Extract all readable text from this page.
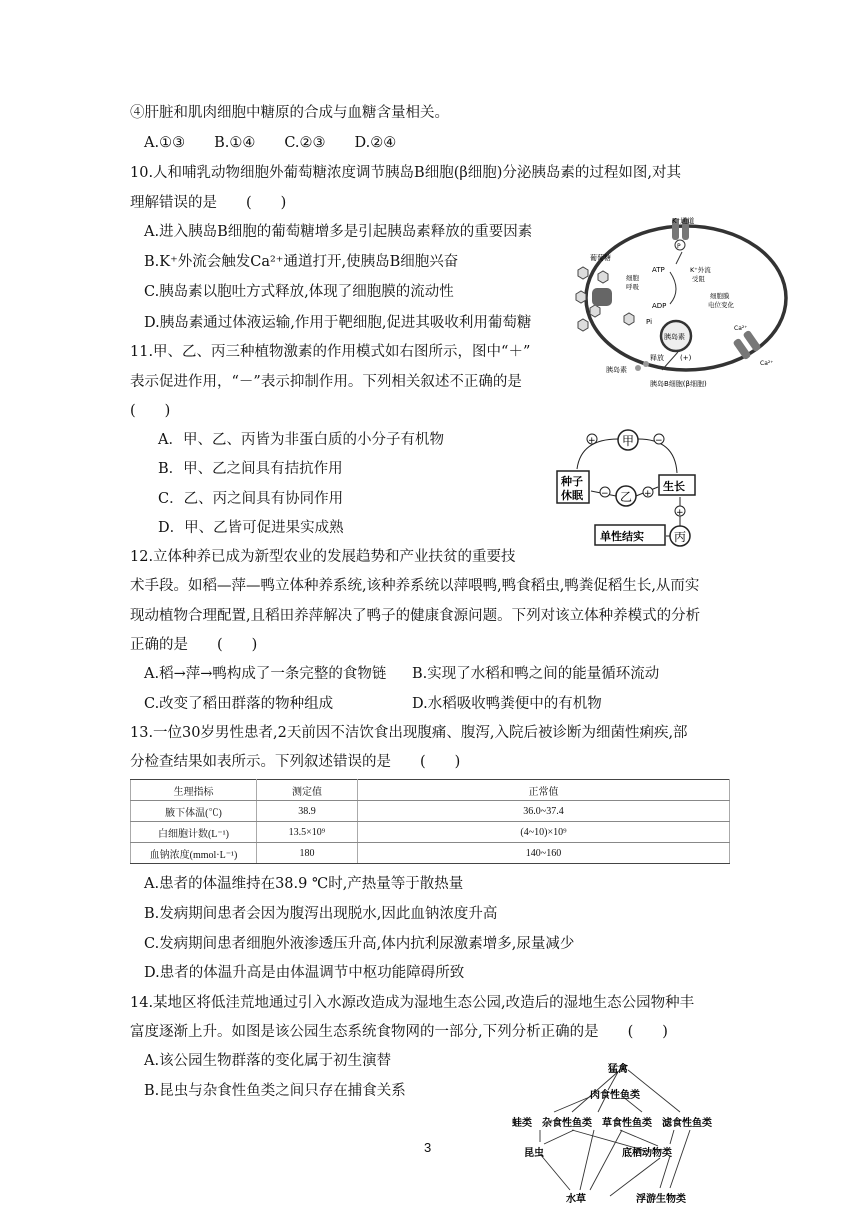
④肝脏和肌肉细胞中糖原的合成与血糖含量相关。
A.①③　　B.①④　　C.②③　　D.②④
10.人和哺乳动物细胞外葡萄糖浓度调节胰岛B细胞(β细胞)分泌胰岛素的过程如图,对其
理解错误的是　　(　　)
A.进入胰岛B细胞的葡萄糖增多是引起胰岛素释放的重要因素
B.K⁺外流会触发Ca²⁺通道打开,使胰岛B细胞兴奋
C.胰岛素以胞吐方式释放,体现了细胞膜的流动性
D.胰岛素通过体液运输,作用于靶细胞,促进其吸收利用葡萄糖
11.甲、乙、丙三种植物激素的作用模式如右图所示，图中“＋”
表示促进作用，“－”表示抑制作用。下列相关叙述不正确的是
(　　)
A．甲、乙、丙皆为非蛋白质的小分子有机物
B．甲、乙之间具有拮抗作用
C．乙、丙之间具有协同作用
D．甲、乙皆可促进果实成熟
12.立体种养已成为新型农业的发展趋势和产业扶贫的重要技
术手段。如稻—萍—鸭立体种养系统,该种养系统以萍喂鸭,鸭食稻虫,鸭粪促稻生长,从而实
现动植物合理配置,且稻田养萍解决了鸭子的健康食源问题。下列对该立体种养模式的分析
正确的是　　(　　)
A.稻→萍→鸭构成了一条完整的食物链 B.实现了水稻和鸭之间的能量循环流动
C.改变了稻田群落的物种组成	D.水稻吸收鸭粪便中的有机物
13.一位30岁男性患者,2天前因不洁饮食出现腹痛、腹泻,入院后被诊断为细菌性痢疾,部
分检查结果如表所示。下列叙述错误的是　　(　　)
生理指标	测定值	正常值
腋下体温(℃)	38.9	36.0~37.4
白细胞计数(L⁻¹)	13.5×10⁹	(4~10)×10⁹
血钠浓度(mmol·L⁻¹)	180	140~160
A.患者的体温维持在38.9 ℃时,产热量等于散热量
B.发病期间患者会因为腹泻出现脱水,因此血钠浓度升高
C.发病期间患者细胞外液渗透压升高,体内抗利尿激素增多,尿量减少
D.患者的体温升高是由体温调节中枢功能障碍所致
14.某地区将低洼荒地通过引入水源改造成为湿地生态公园,改造后的湿地生态公园物种丰
富度逐渐上升。如图是该公园生态系统食物网的一部分,下列分析正确的是　　(　　)
A.该公园生物群落的变化属于初生演替
B.昆虫与杂食性鱼类之间只存在捕食关系
3
P
K⁺通道
葡萄糖
细胞
呼吸
ATP
ADP
Pi
K⁺外流
受阻
细胞膜
电位变化
胰岛素
Ca²⁺
Ca²⁺
释放 (+)
胰岛素
胰岛B细胞(β细胞)
甲
乙
丙
种子
休眠
生长
单性结实
+	−
−	+
+
猛禽
肉食性鱼类
蛙类 杂食性鱼类 草食性鱼类 滤食性鱼类
昆虫	底栖动物类
水草	浮游生物类
